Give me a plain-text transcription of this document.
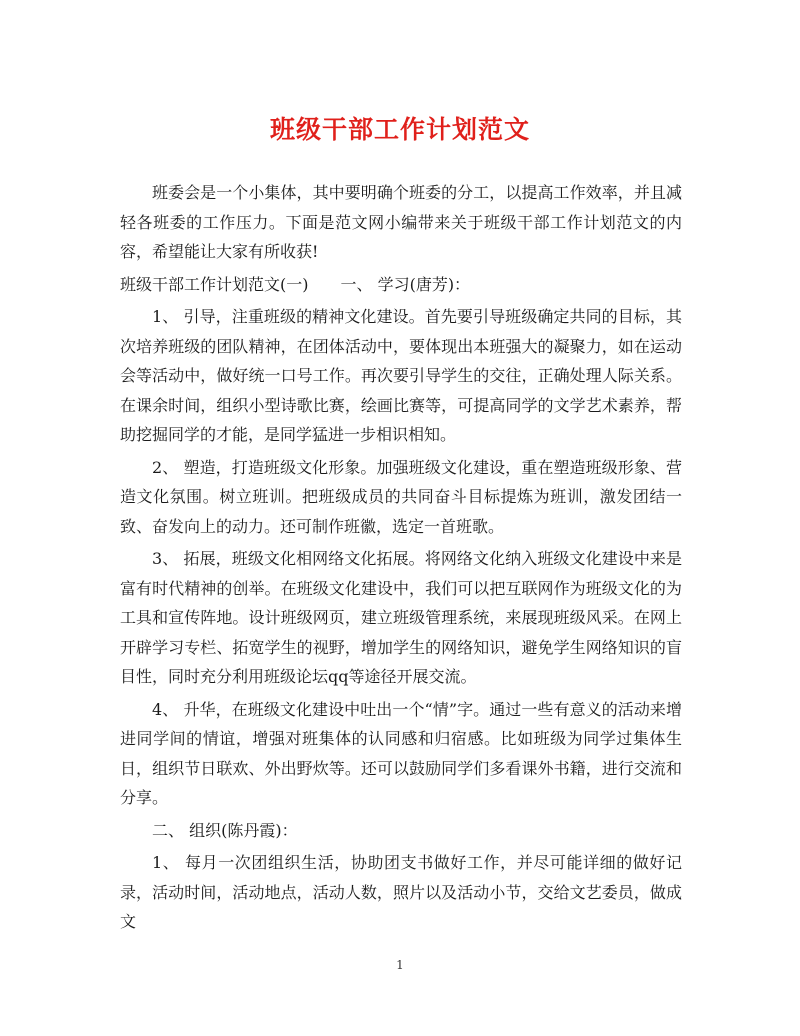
班级干部工作计划范文

班委会是一个小集体，其中要明确个班委的分工，以提高工作效率，并且减轻各班委的工作压力。下面是范文网小编带来关于班级干部工作计划范文的内容，希望能让大家有所收获!

班级干部工作计划范文(一)　　一、 学习(唐芳)：

1、 引导，注重班级的精神文化建设。首先要引导班级确定共同的目标，其次培养班级的团队精神，在团体活动中，要体现出本班强大的凝聚力，如在运动会等活动中，做好统一口号工作。再次要引导学生的交往，正确处理人际关系。在课余时间，组织小型诗歌比赛，绘画比赛等，可提高同学的文学艺术素养，帮助挖掘同学的才能，是同学猛进一步相识相知。

2、 塑造，打造班级文化形象。加强班级文化建设，重在塑造班级形象、营造文化氛围。树立班训。把班级成员的共同奋斗目标提炼为班训，激发团结一致、奋发向上的动力。还可制作班徽，选定一首班歌。

3、 拓展，班级文化相网络文化拓展。将网络文化纳入班级文化建设中来是富有时代精神的创举。在班级文化建设中，我们可以把互联网作为班级文化的为工具和宣传阵地。设计班级网页，建立班级管理系统，来展现班级风采。在网上开辟学习专栏、拓宽学生的视野，增加学生的网络知识，避免学生网络知识的盲目性，同时充分利用班级论坛qq等途径开展交流。

4、 升华，在班级文化建设中吐出一个“情”字。通过一些有意义的活动来增进同学间的情谊，增强对班集体的认同感和归宿感。比如班级为同学过集体生日，组织节日联欢、外出野炊等。还可以鼓励同学们多看课外书籍，进行交流和分享。

二、 组织(陈丹霞)：

1、 每月一次团组织生活，协助团支书做好工作，并尽可能详细的做好记录，活动时间，活动地点，活动人数，照片以及活动小节，交给文艺委员，做成文

1
